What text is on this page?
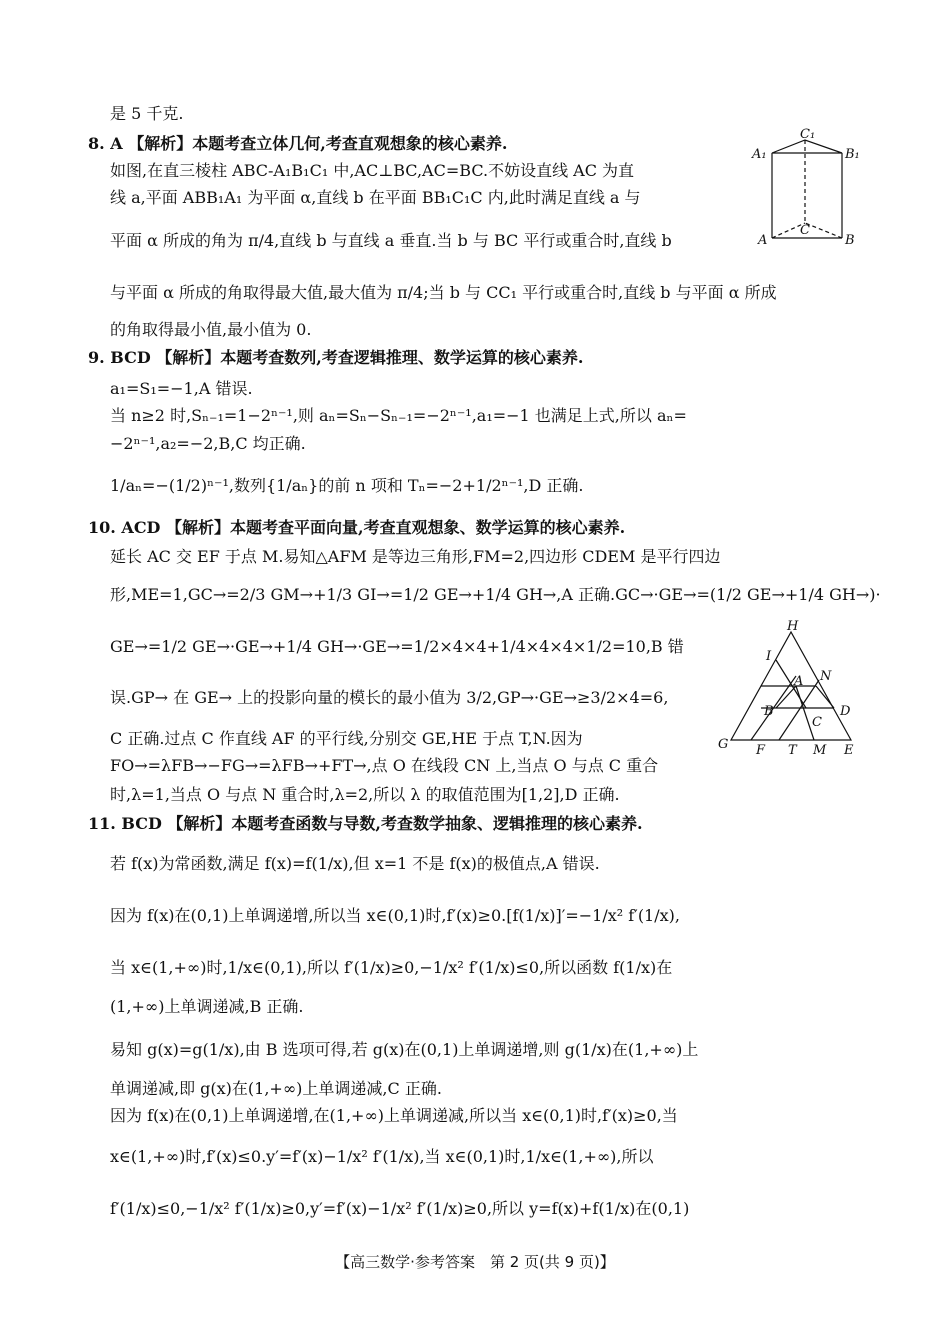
是 5 千克.
8. A 【解析】本题考查立体几何,考查直观想象的核心素养.
如图,在直三棱柱 ABC-A₁B₁C₁ 中,AC⊥BC,AC=BC.不妨设直线 AC 为直
线 a,平面 ABB₁A₁ 为平面 α,直线 b 在平面 BB₁C₁C 内,此时满足直线 a 与
平面 α 所成的角为 π/4,直线 b 与直线 a 垂直.当 b 与 BC 平行或重合时,直线 b
与平面 α 所成的角取得最大值,最大值为 π/4;当 b 与 CC₁ 平行或重合时,直线 b 与平面 α 所成
的角取得最小值,最小值为 0.
9. BCD 【解析】本题考查数列,考查逻辑推理、数学运算的核心素养.
a₁=S₁=−1,A 错误.
当 n≥2 时,Sₙ₋₁=1−2ⁿ⁻¹,则 aₙ=Sₙ−Sₙ₋₁=−2ⁿ⁻¹,a₁=−1 也满足上式,所以 aₙ=
−2ⁿ⁻¹,a₂=−2,B,C 均正确.
1/aₙ=−(1/2)ⁿ⁻¹,数列{1/aₙ}的前 n 项和 Tₙ=−2+1/2ⁿ⁻¹,D 正确.
10. ACD 【解析】本题考查平面向量,考查直观想象、数学运算的核心素养.
延长 AC 交 EF 于点 M.易知△AFM 是等边三角形,FM=2,四边形 CDEM 是平行四边
形,ME=1,GC→=2/3 GM→+1/3 GI→=1/2 GE→+1/4 GH→,A 正确.GC→·GE→=(1/2 GE→+1/4 GH→)·
GE→=1/2 GE→·GE→+1/4 GH→·GE→=1/2×4×4+1/4×4×4×1/2=10,B 错
误.GP→ 在 GE→ 上的投影向量的模长的最小值为 3/2,GP→·GE→≥3/2×4=6,
C 正确.过点 C 作直线 AF 的平行线,分别交 GE,HE 于点 T,N.因为
FO→=λFB→−FG→=λFB→+FT→,点 O 在线段 CN 上,当点 O 与点 C 重合
时,λ=1,当点 O 与点 N 重合时,λ=2,所以 λ 的取值范围为[1,2],D 正确.
11. BCD 【解析】本题考查函数与导数,考查数学抽象、逻辑推理的核心素养.
若 f(x)为常函数,满足 f(x)=f(1/x),但 x=1 不是 f(x)的极值点,A 错误.
因为 f(x)在(0,1)上单调递增,所以当 x∈(0,1)时,f′(x)≥0.[f(1/x)]′=−1/x² f′(1/x),
当 x∈(1,+∞)时,1/x∈(0,1),所以 f′(1/x)≥0,−1/x² f′(1/x)≤0,所以函数 f(1/x)在
(1,+∞)上单调递减,B 正确.
易知 g(x)=g(1/x),由 B 选项可得,若 g(x)在(0,1)上单调递增,则 g(1/x)在(1,+∞)上
单调递减,即 g(x)在(1,+∞)上单调递减,C 正确.
因为 f(x)在(0,1)上单调递增,在(1,+∞)上单调递减,所以当 x∈(0,1)时,f′(x)≥0,当
x∈(1,+∞)时,f′(x)≤0.y′=f′(x)−1/x² f′(1/x),当 x∈(0,1)时,1/x∈(1,+∞),所以
f′(1/x)≤0,−1/x² f′(1/x)≥0,y′=f′(x)−1/x² f′(1/x)≥0,所以 y=f(x)+f(1/x)在(0,1)
C₁
A₁	B₁
C
A	B
H
I
N
A
B	D
C
G F T M E
【高三数学·参考答案　第 2 页(共 9 页)】
